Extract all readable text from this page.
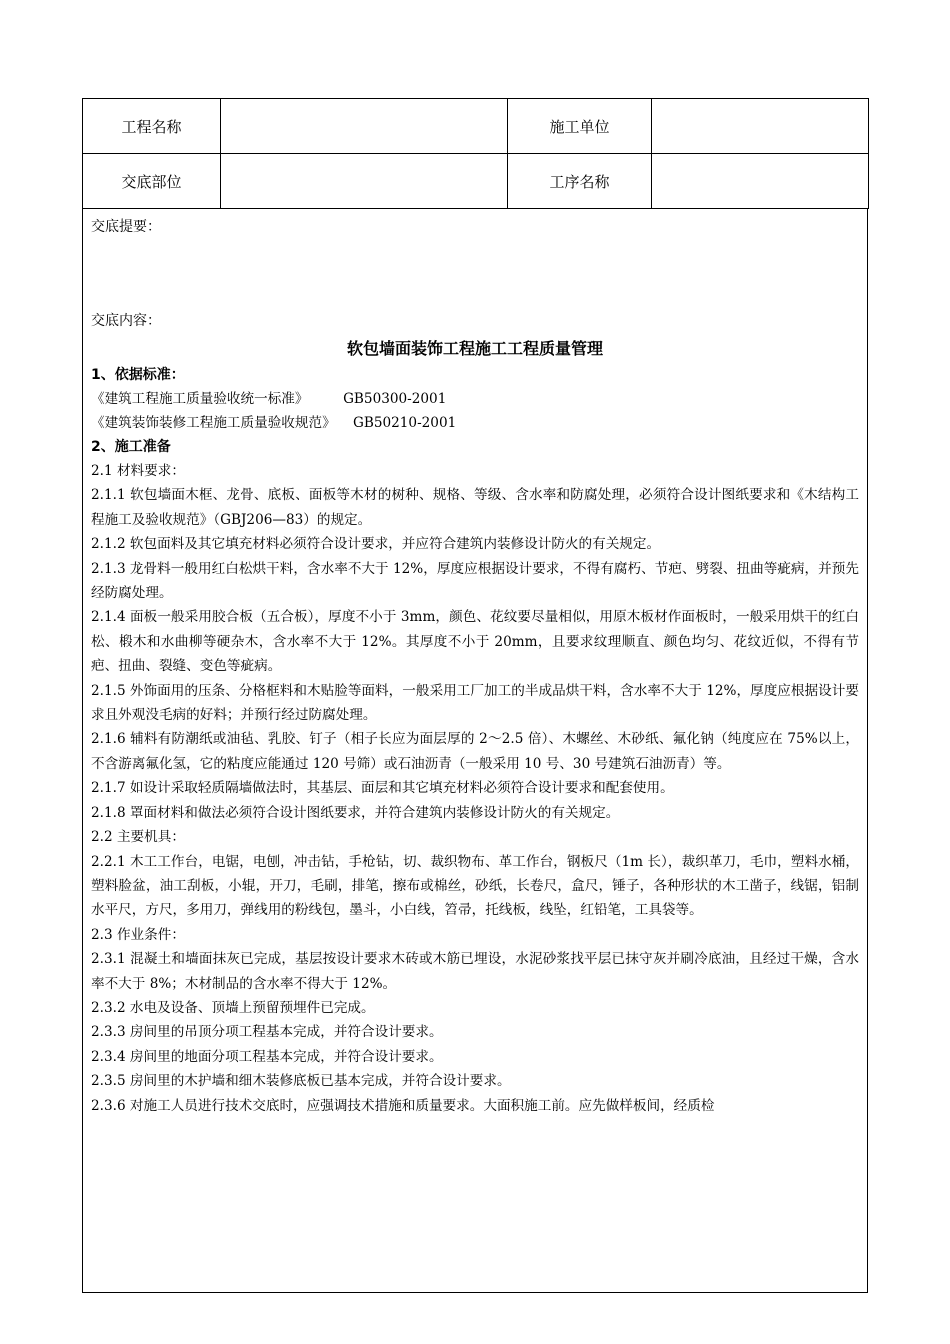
工程名称		施工单位	
交底部位		工序名称	
交底提要：
交底内容：
软包墙面装饰工程施工工程质量管理
1、依据标准：
《建筑工程施工质量验收统一标准》        GB50300-2001
《建筑装饰装修工程施工质量验收规范》    GB50210-2001
2、施工准备
2.1 材料要求：
2.1.1 软包墙面木框、龙骨、底板、面板等木材的树种、规格、等级、含水率和防腐处理，必须符合设计图纸要求和《木结构工程施工及验收规范》（GBJ206—83）的规定。
2.1.2 软包面料及其它填充材料必须符合设计要求，并应符合建筑内装修设计防火的有关规定。
2.1.3 龙骨料一般用红白松烘干料，含水率不大于 12%，厚度应根据设计要求，不得有腐朽、节疤、劈裂、扭曲等疵病，并预先经防腐处理。
2.1.4 面板一般采用胶合板（五合板），厚度不小于 3mm，颜色、花纹要尽量相似，用原木板材作面板时，一般采用烘干的红白松、椴木和水曲柳等硬杂木，含水率不大于 12%。其厚度不小于 20mm，且要求纹理顺直、颜色均匀、花纹近似，不得有节疤、扭曲、裂缝、变色等疵病。
2.1.5 外饰面用的压条、分格框料和木贴脸等面料，一般采用工厂加工的半成品烘干料，含水率不大于 12%，厚度应根据设计要求且外观没毛病的好料；并预行经过防腐处理。
2.1.6 辅料有防潮纸或油毡、乳胶、钉子（相子长应为面层厚的 2～2.5 倍）、木螺丝、木砂纸、氟化钠（纯度应在 75%以上，不含游离氟化氢，它的粘度应能通过 120 号筛）或石油沥青（一般采用 10 号、30 号建筑石油沥青）等。
2.1.7 如设计采取轻质隔墙做法时，其基层、面层和其它填充材料必须符合设计要求和配套使用。
2.1.8 罩面材料和做法必须符合设计图纸要求，并符合建筑内装修设计防火的有关规定。
2.2 主要机具：
2.2.1 木工工作台，电锯，电刨，冲击钻，手枪钻，切、裁织物布、革工作台，钢板尺（1m 长），裁织革刀，毛巾，塑料水桶，塑料脸盆，油工刮板，小辊，开刀，毛刷，排笔，擦布或棉丝，砂纸，长卷尺，盒尺，锤子，各种形状的木工凿子，线锯，铝制水平尺，方尺，多用刀，弹线用的粉线包，墨斗，小白线，笤帚，托线板，线坠，红铅笔，工具袋等。
2.3 作业条件：
2.3.1 混凝土和墙面抹灰已完成，基层按设计要求木砖或木筋已埋设，水泥砂浆找平层已抹守灰并刷冷底油，且经过干燥，含水率不大于 8%；木材制品的含水率不得大于 12%。
2.3.2 水电及设备、顶墙上预留预埋件已完成。
2.3.3 房间里的吊顶分项工程基本完成，并符合设计要求。
2.3.4 房间里的地面分项工程基本完成，并符合设计要求。
2.3.5 房间里的木护墙和细木装修底板已基本完成，并符合设计要求。
2.3.6 对施工人员进行技术交底时，应强调技术措施和质量要求。大面积施工前。应先做样板间，经质检
